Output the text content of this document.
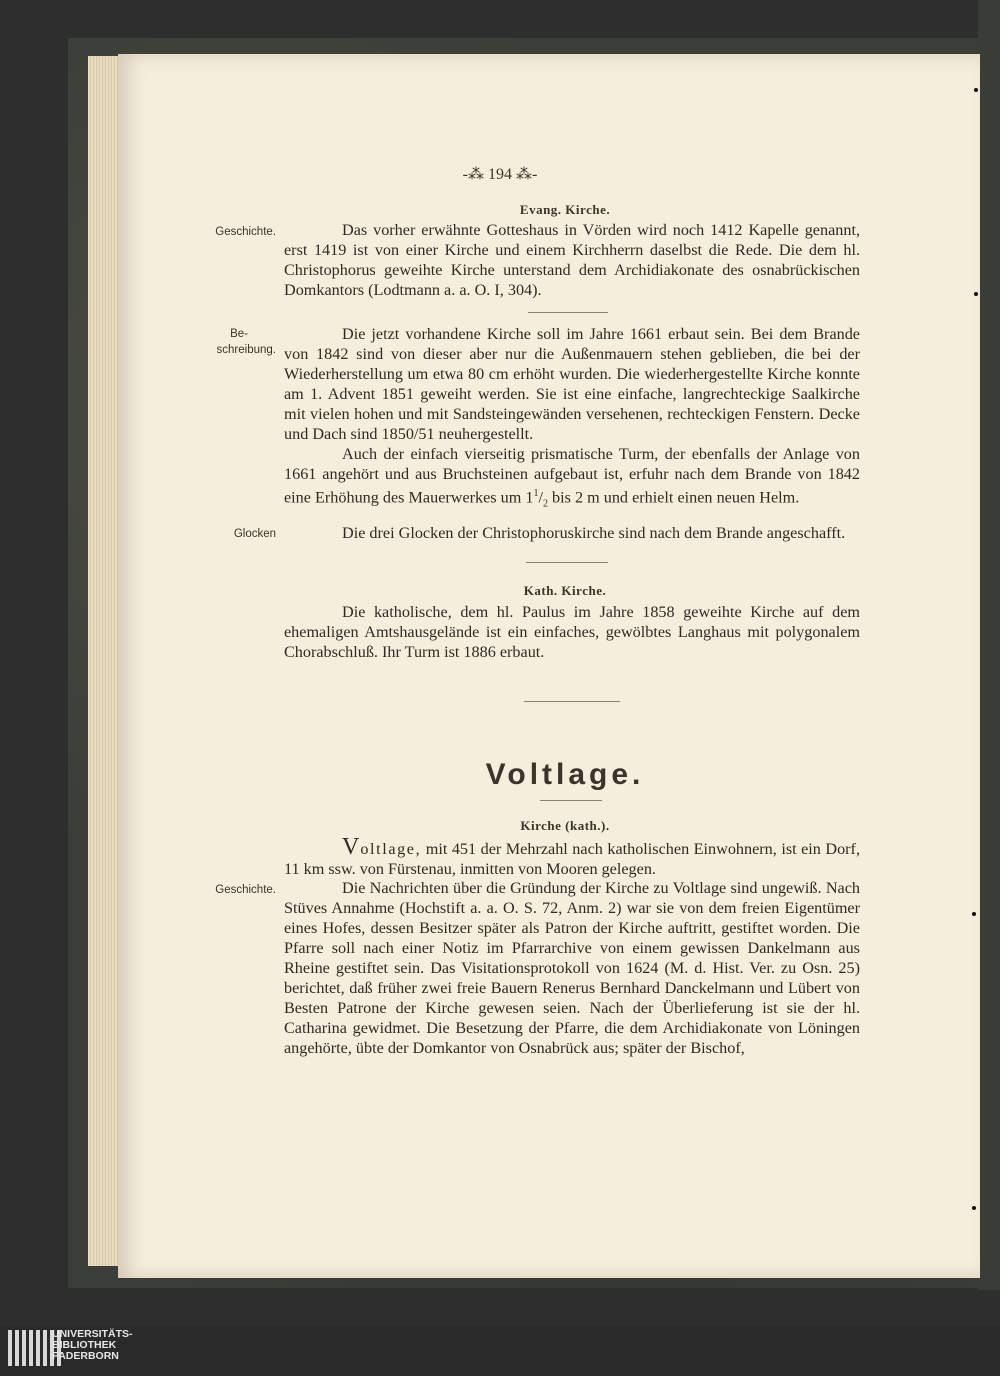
-⁂ 194 ⁂-
Evang. Kirche.
Geschichte.	Das vorher erwähnte Gotteshaus in Vörden wird noch 1412 Kapelle genannt, erst 1419 ist von einer Kirche und einem Kirchherrn daselbst die Rede. Die dem hl. Christophorus geweihte Kirche unterstand dem Archidiakonate des osnabrückischen Domkantors (Lodtmann a. a. O. I, 304).

Be-
schreibung.

Die jetzt vorhandene Kirche soll im Jahre 1661 erbaut sein. Bei dem Brande von 1842 sind von dieser aber nur die Außenmauern stehen geblieben, die bei der Wiederherstellung um etwa 80 cm erhöht wurden. Die wiederhergestellte Kirche konnte am 1. Advent 1851 geweiht werden. Sie ist eine einfache, langrechteckige Saalkirche mit vielen hohen und mit Sandsteingewänden versehenen, rechteckigen Fenstern. Decke und Dach sind 1850/51 neuhergestellt.

Auch der einfach vierseitig prismatische Turm, der ebenfalls der Anlage von 1661 angehört und aus Bruchsteinen aufgebaut ist, erfuhr nach dem Brande von 1842 eine Erhöhung des Mauerwerkes um $1^1/_2$ bis 2 m und erhielt einen neuen Helm.

Glocken	Die drei Glocken der Christophoruskirche sind nach dem Brande angeschafft.

Kath. Kirche.

Die katholische, dem hl. Paulus im Jahre 1858 geweihte Kirche auf dem ehemaligen Amtshausgelände ist ein einfaches, gewölbtes Langhaus mit polygonalem Chorabschluß. Ihr Turm ist 1886 erbaut.

Voltlage.
Kirche (kath.).

Voltlage, mit 451 der Mehrzahl nach katholischen Einwohnern, ist ein Dorf, 11 km ssw. von Fürstenau, inmitten von Mooren gelegen.

Geschichte.	Die Nachrichten über die Gründung der Kirche zu Voltlage sind ungewiß. Nach Stüves Annahme (Hochstift a. a. O. S. 72, Anm. 2) war sie von dem freien Eigentümer eines Hofes, dessen Besitzer später als Patron der Kirche auftritt, gestiftet worden. Die Pfarre soll nach einer Notiz im Pfarrarchive von einem gewissen Dankelmann aus Rheine gestiftet sein. Das Visitationsprotokoll von 1624 (M. d. Hist. Ver. zu Osn. 25) berichtet, daß früher zwei freie Bauern Renerus Bernhard Danckelmann und Lübert von Besten Patrone der Kirche gewesen seien. Nach der Überlieferung ist sie der hl. Catharina gewidmet. Die Besetzung der Pfarre, die dem Archidiakonate von Löningen angehörte, übte der Domkantor von Osnabrück aus; später der Bischof,

UNIVERSITÄTS-
BIBLIOTHEK
PADERBORN
